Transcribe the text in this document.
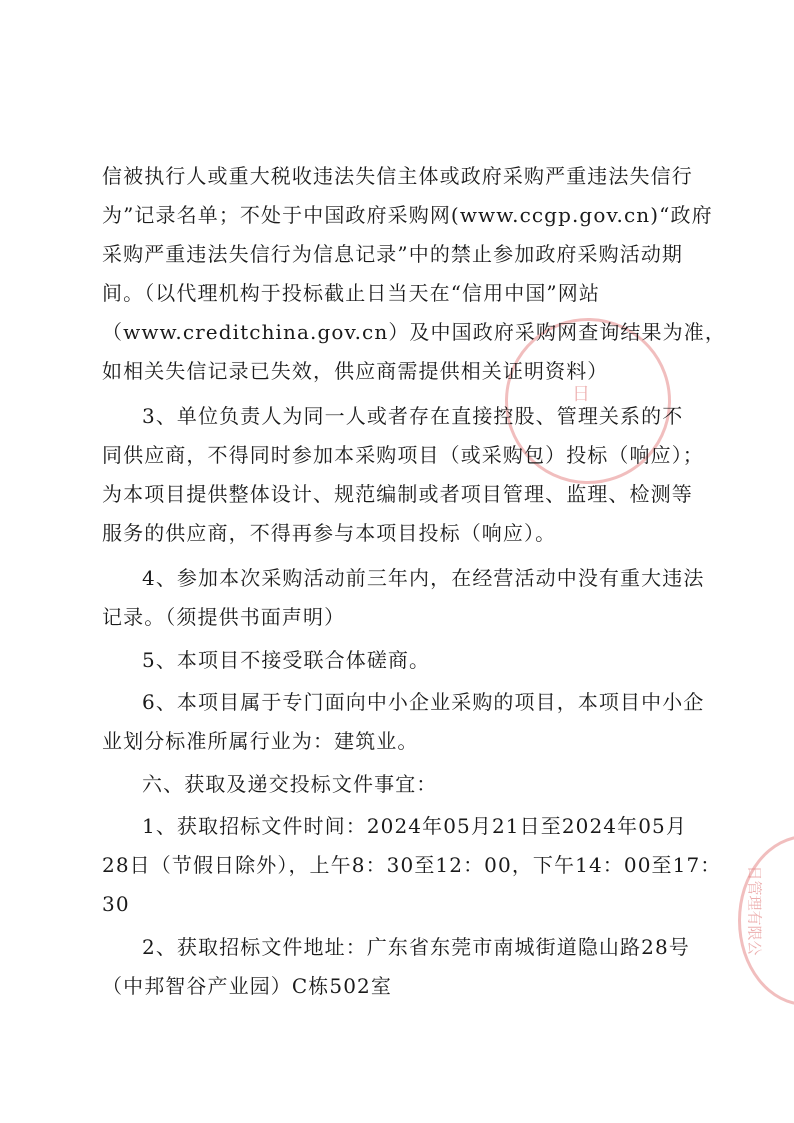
日
日管理有限公
信被执行人或重大税收违法失信主体或政府采购严重违法失信行
为”记录名单；不处于中国政府采购网(www.ccgp.gov.cn)“政府
采购严重违法失信行为信息记录”中的禁止参加政府采购活动期
间。（以代理机构于投标截止日当天在“信用中国”网站
（www.creditchina.gov.cn）及中国政府采购网查询结果为准，
如相关失信记录已失效，供应商需提供相关证明资料）
3、单位负责人为同一人或者存在直接控股、管理关系的不
同供应商，不得同时参加本采购项目（或采购包）投标（响应）；
为本项目提供整体设计、规范编制或者项目管理、监理、检测等
服务的供应商，不得再参与本项目投标（响应）。
4、参加本次采购活动前三年内，在经营活动中没有重大违法
记录。（须提供书面声明）
5、本项目不接受联合体磋商。
6、本项目属于专门面向中小企业采购的项目，本项目中小企
业划分标准所属行业为：建筑业。
六、获取及递交投标文件事宜：
1、获取招标文件时间：2024年05月21日至2024年05月
28日（节假日除外），上午8：30至12：00，下午14：00至17：
30
2、获取招标文件地址：广东省东莞市南城街道隐山路28号
（中邦智谷产业园）C栋502室
